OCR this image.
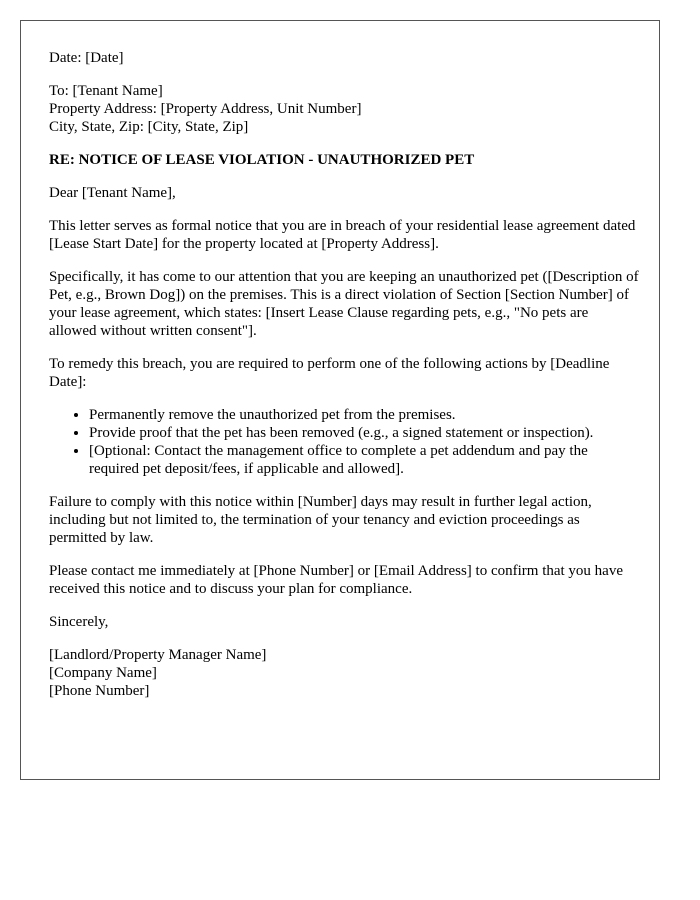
Date: [Date]

To: [Tenant Name]
Property Address: [Property Address, Unit Number]
City, State, Zip: [City, State, Zip]

RE: NOTICE OF LEASE VIOLATION - UNAUTHORIZED PET

Dear [Tenant Name],

This letter serves as formal notice that you are in breach of your residential lease agreement dated [Lease Start Date] for the property located at [Property Address].

Specifically, it has come to our attention that you are keeping an unauthorized pet ([Description of Pet, e.g., Brown Dog]) on the premises. This is a direct violation of Section [Section Number] of your lease agreement, which states: [Insert Lease Clause regarding pets, e.g., "No pets are allowed without written consent"].

To remedy this breach, you are required to perform one of the following actions by [Deadline Date]:

• Permanently remove the unauthorized pet from the premises.
• Provide proof that the pet has been removed (e.g., a signed statement or inspection).
• [Optional: Contact the management office to complete a pet addendum and pay the required pet deposit/fees, if applicable and allowed].

Failure to comply with this notice within [Number] days may result in further legal action, including but not limited to, the termination of your tenancy and eviction proceedings as permitted by law.

Please contact me immediately at [Phone Number] or [Email Address] to confirm that you have received this notice and to discuss your plan for compliance.

Sincerely,

[Landlord/Property Manager Name]
[Company Name]
[Phone Number]
